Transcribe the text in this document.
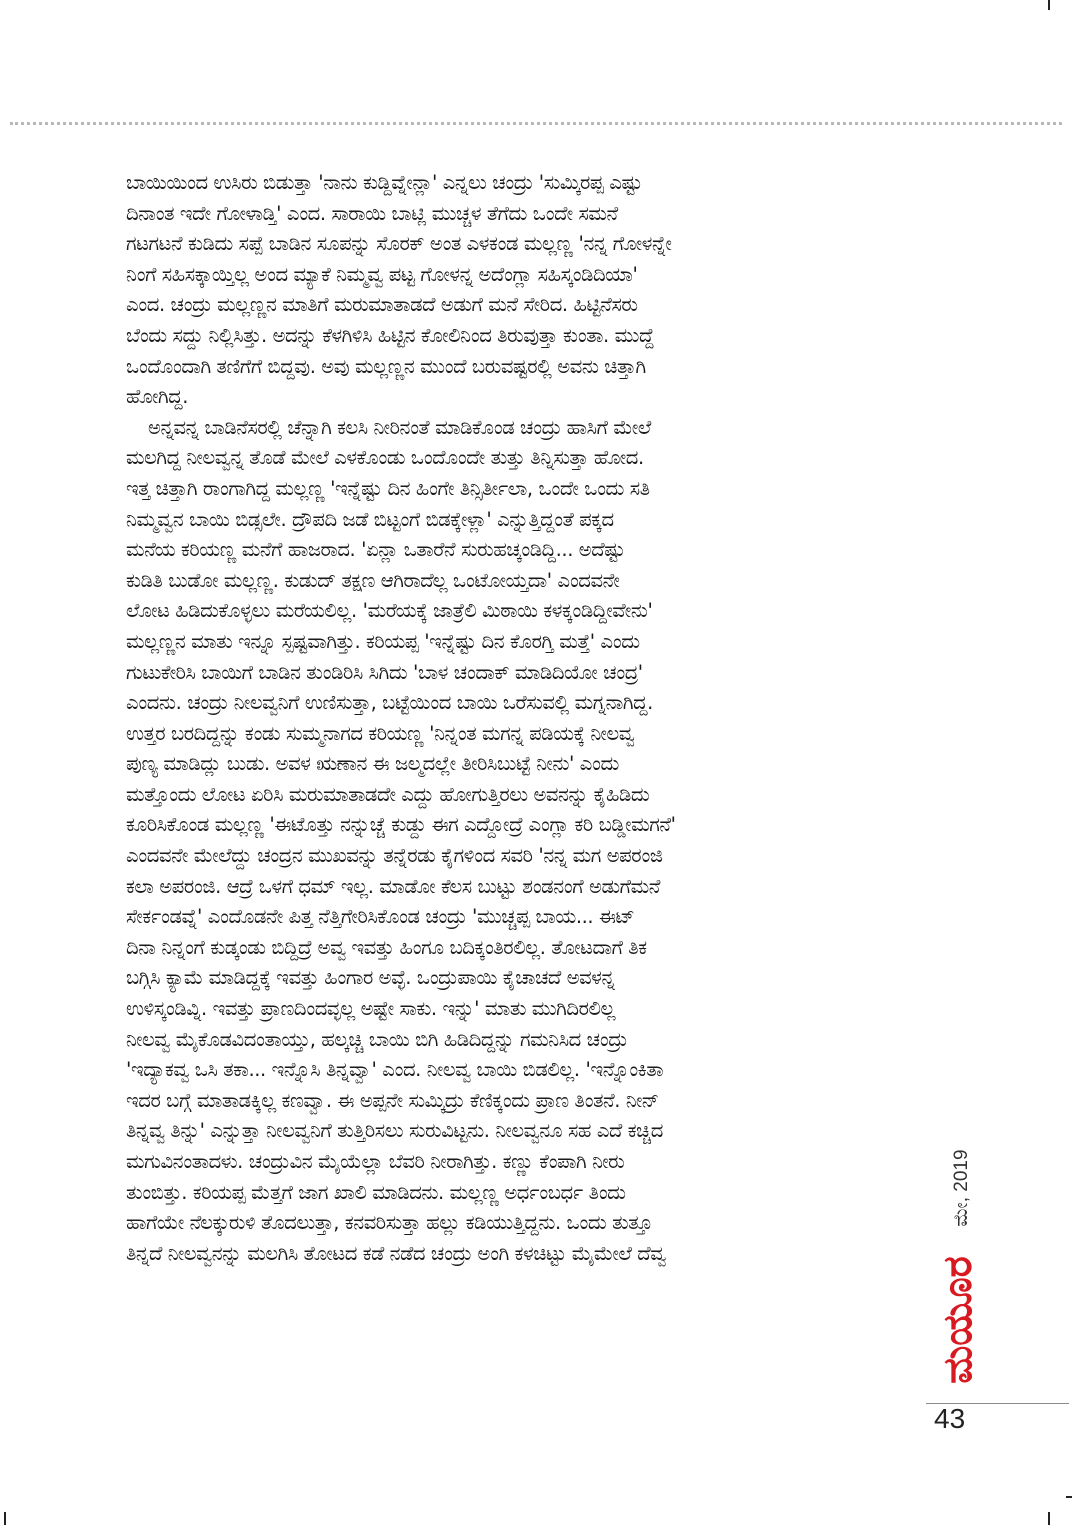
ಬಾಯಿಯಿಂದ ಉಸಿರು ಬಿಡುತ್ತಾ 'ನಾನು ಕುಡ್ದಿವ್ನೇನ್ಲಾ' ಎನ್ನಲು ಚಂದ್ರು 'ಸುಮ್ಕಿರಪ್ಪ ಎಷ್ಟು

ದಿನಾಂತ ಇದೇ ಗೋಳಾಡ್ತಿ' ಎಂದ. ಸಾರಾಯಿ ಬಾಟ್ಲಿ ಮುಚ್ಚಳ ತೆಗೆದು ಒಂದೇ ಸಮನೆ

ಗಟಗಟನೆ ಕುಡಿದು ಸಪ್ಪೆ ಬಾಡಿನ ಸೂಪನ್ನು ಸೊರಕ್ ಅಂತ ಎಳಕಂಡ ಮಲ್ಲಣ್ಣ 'ನನ್ನ ಗೋಳನ್ನೇ

ನಿಂಗೆ ಸಹಿಸಕ್ಕಾಯ್ತಿಲ್ಲ ಅಂದ ಮ್ಯಾಕೆ ನಿಮ್ಮವ್ವ ಪಟ್ಟ ಗೋಳನ್ನ ಅದೆಂಗ್ಲಾ ಸಹಿಸ್ಕಂಡಿದಿಯಾ'

ಎಂದ. ಚಂದ್ರು ಮಲ್ಲಣ್ಣನ ಮಾತಿಗೆ ಮರುಮಾತಾಡದೆ ಅಡುಗೆ ಮನೆ ಸೇರಿದ. ಹಿಟ್ಟಿನೆಸರು

ಬೆಂದು ಸದ್ದು ನಿಲ್ಲಿಸಿತ್ತು. ಅದನ್ನು ಕೆಳಗಿಳಿಸಿ ಹಿಟ್ಟಿನ ಕೋಲಿನಿಂದ ತಿರುವುತ್ತಾ ಕುಂತಾ. ಮುದ್ದೆ

ಒಂದೊಂದಾಗಿ ತಣಿಗೆಗೆ ಬಿದ್ದವು. ಅವು ಮಲ್ಲಣ್ಣನ ಮುಂದೆ ಬರುವಷ್ಟರಲ್ಲಿ ಅವನು ಚಿತ್ತಾಗಿ

ಹೋಗಿದ್ದ.

ಅನ್ನವನ್ನ ಬಾಡಿನೆಸರಲ್ಲಿ ಚೆನ್ನಾಗಿ ಕಲಸಿ ನೀರಿನಂತೆ ಮಾಡಿಕೊಂಡ ಚಂದ್ರು ಹಾಸಿಗೆ ಮೇಲೆ

ಮಲಗಿದ್ದ ನೀಲವ್ವನ್ನ ತೊಡೆ ಮೇಲೆ ಎಳಕೊಂಡು ಒಂದೊಂದೇ ತುತ್ತು ತಿನ್ನಿಸುತ್ತಾ ಹೋದ.

ಇತ್ತ ಚಿತ್ತಾಗಿ ರಾಂಗಾಗಿದ್ದ ಮಲ್ಲಣ್ಣ 'ಇನ್ನೆಷ್ಟು ದಿನ ಹಿಂಗೇ ತಿನ್ಸಿರ್ತೀಲಾ, ಒಂದೇ ಒಂದು ಸತಿ

ನಿಮ್ಮವ್ವನ ಬಾಯಿ ಬಿಡ್ಸಲೇ. ದ್ರೌಪದಿ ಜಡೆ ಬಿಟ್ಟಂಗೆ ಬಿಡಕ್ಕೇಳ್ಲಾ' ಎನ್ನುತ್ತಿದ್ದಂತೆ ಪಕ್ಕದ

ಮನೆಯ ಕರಿಯಣ್ಣ ಮನೆಗೆ ಹಾಜರಾದ. 'ಏನ್ಲಾ ಒತಾರೆನೆ ಸುರುಹಚ್ಕಂಡಿದ್ದಿ... ಅದೆಷ್ಟು

ಕುಡಿತಿ ಬುಡೋ ಮಲ್ಲಣ್ಣ. ಕುಡುದ್ ತಕ್ಷಣ ಆಗಿರಾದೆಲ್ಲ ಒಂಟೋಯ್ತದಾ' ಎಂದವನೇ

ಲೋಟ ಹಿಡಿದುಕೊಳ್ಳಲು ಮರೆಯಲಿಲ್ಲ. 'ಮರೆಯಕ್ಕೆ ಜಾತ್ರೆಲಿ ಮಿಠಾಯಿ ಕಳಕ್ಕಂಡಿದ್ದೀವೇನು'

ಮಲ್ಲಣ್ಣನ ಮಾತು ಇನ್ನೂ ಸ್ಪಷ್ಟವಾಗಿತ್ತು. ಕರಿಯಪ್ಪ 'ಇನ್ನೆಷ್ಟು ದಿನ ಕೊರಗ್ತಿ ಮತ್ತೆ' ಎಂದು

ಗುಟುಕೇರಿಸಿ ಬಾಯಿಗೆ ಬಾಡಿನ ತುಂಡಿರಿಸಿ ಸಿಗಿದು 'ಬಾಳ ಚಂದಾಕ್ ಮಾಡಿದಿಯೋ ಚಂದ್ರ'

ಎಂದನು. ಚಂದ್ರು ನೀಲವ್ವನಿಗೆ ಉಣಿಸುತ್ತಾ, ಬಟ್ಟೆಯಿಂದ ಬಾಯಿ ಒರೆಸುವಲ್ಲಿ ಮಗ್ನನಾಗಿದ್ದ.

ಉತ್ತರ ಬರದಿದ್ದನ್ನು ಕಂಡು ಸುಮ್ಮನಾಗದ ಕರಿಯಣ್ಣ 'ನಿನ್ನಂತ ಮಗನ್ನ ಪಡಿಯಕ್ಕೆ ನೀಲವ್ವ

ಪುಣ್ಯ ಮಾಡಿದ್ಲು ಬುಡು. ಅವಳ ಋಣಾನ ಈ ಜಲ್ಮದಲ್ಲೇ ತೀರಿಸಿಬುಟ್ಟೆ ನೀನು' ಎಂದು

ಮತ್ತೊಂದು ಲೋಟ ಏರಿಸಿ ಮರುಮಾತಾಡದೇ ಎದ್ದು ಹೋಗುತ್ತಿರಲು ಅವನನ್ನು ಕೈಹಿಡಿದು

ಕೂರಿಸಿಕೊಂಡ ಮಲ್ಲಣ್ಣ 'ಈಟೊತ್ತು ನನ್ನುಚ್ಚೆ ಕುಡ್ದು ಈಗ ಎದ್ದೋದ್ರೆ ಎಂಗ್ಲಾ ಕರಿ ಬಡ್ಡೀಮಗನೆ'

ಎಂದವನೇ ಮೇಲೆದ್ದು ಚಂದ್ರನ ಮುಖವನ್ನು ತನ್ನೆರಡು ಕೈಗಳಿಂದ ಸವರಿ 'ನನ್ನ ಮಗ ಅಪರಂಜಿ

ಕಲಾ ಅಪರಂಜಿ. ಆದ್ರೆ ಒಳಗೆ ಧಮ್ ಇಲ್ಲ. ಮಾಡೋ ಕೆಲಸ ಬುಟ್ಟು ಶಂಡನಂಗೆ ಅಡುಗೆಮನೆ

ಸೇರ್ಕಂಡವ್ನೆ' ಎಂದೊಡನೇ ಪಿತ್ತ ನೆತ್ತಿಗೇರಿಸಿಕೊಂಡ ಚಂದ್ರು 'ಮುಚ್ಚಪ್ಪ ಬಾಯ... ಈಟ್

ದಿನಾ ನಿನ್ನಂಗೆ ಕುಡ್ಕಂಡು ಬಿದ್ದಿದ್ರೆ ಅವ್ವ ಇವತ್ತು ಹಿಂಗೂ ಬದಿಕ್ಕಂತಿರಲಿಲ್ಲ. ತೋಟದಾಗೆ ತಿಕ

ಬಗ್ಗಿಸಿ ಕ್ಯಾಮೆ ಮಾಡಿದ್ದಕ್ಕೆ ಇವತ್ತು ಹಿಂಗಾರ ಅವ್ಳೆ. ಒಂದ್ರುಪಾಯಿ ಕೈಚಾಚದೆ ಅವಳನ್ನ

ಉಳಿಸ್ಕಂಡಿವ್ನಿ. ಇವತ್ತು ಪ್ರಾಣದಿಂದವ್ಳಲ್ಲ ಅಷ್ಟೇ ಸಾಕು. ಇನ್ನು' ಮಾತು ಮುಗಿದಿರಲಿಲ್ಲ

ನೀಲವ್ವ ಮೈಕೊಡವಿದಂತಾಯ್ತು, ಹಲ್ಕಚ್ಚಿ ಬಾಯಿ ಬಿಗಿ ಹಿಡಿದಿದ್ದನ್ನು ಗಮನಿಸಿದ ಚಂದ್ರು

'ಇದ್ಯಾಕವ್ವ ಒಸಿ ತಕಾ... ಇನ್ನೊಸಿ ತಿನ್ನವ್ವಾ' ಎಂದ. ನೀಲವ್ವ ಬಾಯಿ ಬಿಡಲಿಲ್ಲ. 'ಇನ್ನೊಂಕಿತಾ

ಇದರ ಬಗ್ಗೆ ಮಾತಾಡಕ್ಕಿಲ್ಲ ಕಣವ್ವಾ. ಈ ಅಪ್ಪನೇ ಸುಮ್ಕಿದ್ರು ಕೆಣಿಕ್ಕಂದು ಪ್ರಾಣ ತಿಂತನೆ. ನೀನ್

ತಿನ್ನವ್ವ ತಿನ್ನು' ಎನ್ನುತ್ತಾ ನೀಲವ್ವನಿಗೆ ತುತ್ತಿರಿಸಲು ಸುರುವಿಟ್ಟನು. ನೀಲವ್ವನೂ ಸಹ ಎದೆ ಕಚ್ಚಿದ

ಮಗುವಿನಂತಾದಳು. ಚಂದ್ರುವಿನ ಮೈಯೆಲ್ಲಾ ಬೆವರಿ ನೀರಾಗಿತ್ತು. ಕಣ್ಣು ಕೆಂಪಾಗಿ ನೀರು

ತುಂಬಿತ್ತು. ಕರಿಯಪ್ಪ ಮೆತ್ತಗೆ ಜಾಗ ಖಾಲಿ ಮಾಡಿದನು. ಮಲ್ಲಣ್ಣ ಅರ್ಧಂಬರ್ಧ ತಿಂದು

ಹಾಗೆಯೇ ನೆಲಕ್ಕುರುಳಿ ತೊದಲುತ್ತಾ, ಕನವರಿಸುತ್ತಾ ಹಲ್ಲು ಕಡಿಯುತ್ತಿದ್ದನು. ಒಂದು ತುತ್ತೂ

ತಿನ್ನದೆ ನೀಲವ್ವನನ್ನು ಮಲಗಿಸಿ ತೋಟದ ಕಡೆ ನಡೆದ ಚಂದ್ರು ಅಂಗಿ ಕಳಚಿಟ್ಟು ಮೈಮೇಲೆ ದೆವ್ವ

ಮೇ, 2019
ಮಯೂರ
43
